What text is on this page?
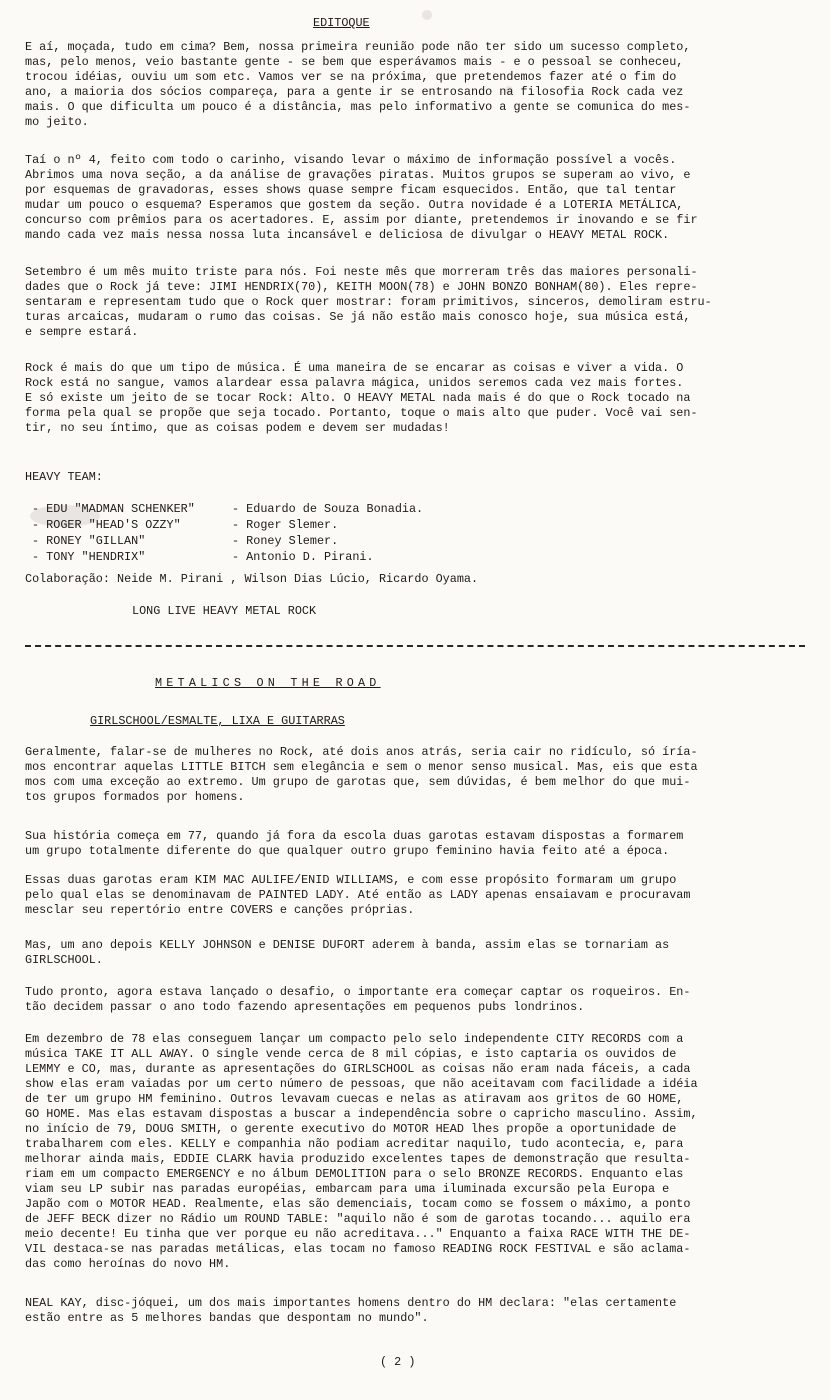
EDITOQUE

E aí, moçada, tudo em cima? Bem, nossa primeira reunião pode não ter sido um sucesso completo,
mas, pelo menos, veio bastante gente - se bem que esperávamos mais - e o pessoal se conheceu,
trocou idéias, ouviu um som etc. Vamos ver se na próxima, que pretendemos fazer até o fim do
ano, a maioria dos sócios compareça, para a gente ir se entrosando na filosofia Rock cada vez
mais. O que dificulta um pouco é a distância, mas pelo informativo a gente se comunica do mes-
mo jeito.

Taí o nº 4, feito com todo o carinho, visando levar o máximo de informação possível a vocês.
Abrimos uma nova seção, a da análise de gravações piratas. Muitos grupos se superam ao vivo, e
por esquemas de gravadoras, esses shows quase sempre ficam esquecidos. Então, que tal tentar
mudar um pouco o esquema? Esperamos que gostem da seção. Outra novidade é a LOTERIA METÁLICA,
concurso com prêmios para os acertadores. E, assim por diante, pretendemos ir inovando e se fir
mando cada vez mais nessa nossa luta incansável e deliciosa de divulgar o HEAVY METAL ROCK.

Setembro é um mês muito triste para nós. Foi neste mês que morreram três das maiores personali-
dades que o Rock já teve: JIMI HENDRIX(70), KEITH MOON(78) e JOHN BONZO BONHAM(80). Eles repre-
sentaram e representam tudo que o Rock quer mostrar: foram primitivos, sinceros, demoliram estru-
turas arcaicas, mudaram o rumo das coisas. Se já não estão mais conosco hoje, sua música está,
e sempre estará.

Rock é mais do que um tipo de música. É uma maneira de se encarar as coisas e viver a vida. O
Rock está no sangue, vamos alardear essa palavra mágica, unidos seremos cada vez mais fortes.
E só existe um jeito de se tocar Rock: Alto. O HEAVY METAL nada mais é do que o Rock tocado na
forma pela qual se propõe que seja tocado. Portanto, toque o mais alto que puder. Você vai sen-
tir, no seu íntimo, que as coisas podem e devem ser mudadas!

HEAVY TEAM:
- EDU "MADMAN SCHENKER"	- Eduardo de Souza Bonadia.
- ROGER "HEAD'S OZZY"	- Roger Slemer.
- RONEY "GILLAN"	- Roney Slemer.
- TONY "HENDRIX"	- Antonio D. Pirani.
Colaboração: Neide M. Pirani , Wilson Dias Lúcio, Ricardo Oyama.
LONG LIVE HEAVY METAL ROCK
METALICS ON THE ROAD
GIRLSCHOOL/ESMALTE, LIXA E GUITARRAS

Geralmente, falar-se de mulheres no Rock, até dois anos atrás, seria cair no ridículo, só íría-
mos encontrar aquelas LITTLE BITCH sem elegância e sem o menor senso musical. Mas, eis que esta
mos com uma exceção ao extremo. Um grupo de garotas que, sem dúvidas, é bem melhor do que mui-
tos grupos formados por homens.

Sua história começa em 77, quando já fora da escola duas garotas estavam dispostas a formarem
um grupo totalmente diferente do que qualquer outro grupo feminino havia feito até a época.

Essas duas garotas eram KIM MAC AULIFE/ENID WILLIAMS, e com esse propósito formaram um grupo
pelo qual elas se denominavam de PAINTED LADY. Até então as LADY apenas ensaiavam e procuravam
mesclar seu repertório entre COVERS e canções próprias.

Mas, um ano depois KELLY JOHNSON e DENISE DUFORT aderem à banda, assim elas se tornariam as
GIRLSCHOOL.

Tudo pronto, agora estava lançado o desafio, o importante era começar captar os roqueiros. En-
tão decidem passar o ano todo fazendo apresentações em pequenos pubs londrinos.

Em dezembro de 78 elas conseguem lançar um compacto pelo selo independente CITY RECORDS com a
música TAKE IT ALL AWAY. O single vende cerca de 8 mil cópias, e isto captaria os ouvidos de
LEMMY e CO, mas, durante as apresentações do GIRLSCHOOL as coisas não eram nada fáceis, a cada
show elas eram vaiadas por um certo número de pessoas, que não aceitavam com facilidade a idéia
de ter um grupo HM feminino. Outros levavam cuecas e nelas as atiravam aos gritos de GO HOME,
GO HOME. Mas elas estavam dispostas a buscar a independência sobre o capricho masculino. Assim,
no início de 79, DOUG SMITH, o gerente executivo do MOTOR HEAD lhes propõe a oportunidade de
trabalharem com eles. KELLY e companhia não podiam acreditar naquilo, tudo acontecia, e, para
melhorar ainda mais, EDDIE CLARK havia produzido excelentes tapes de demonstração que resulta-
riam em um compacto EMERGENCY e no álbum DEMOLITION para o selo BRONZE RECORDS. Enquanto elas
viam seu LP subir nas paradas européias, embarcam para uma iluminada excursão pela Europa e
Japão com o MOTOR HEAD. Realmente, elas são demenciais, tocam como se fossem o máximo, a ponto
de JEFF BECK dizer no Rádio um ROUND TABLE: "aquilo não é som de garotas tocando... aquilo era
meio decente! Eu tinha que ver porque eu não acreditava..." Enquanto a faixa RACE WITH THE DE-
VIL destaca-se nas paradas metálicas, elas tocam no famoso READING ROCK FESTIVAL e são aclama-
das como heroínas do novo HM.

NEAL KAY, disc-jóquei, um dos mais importantes homens dentro do HM declara: "elas certamente
estão entre as 5 melhores bandas que despontam no mundo".

( 2 )
